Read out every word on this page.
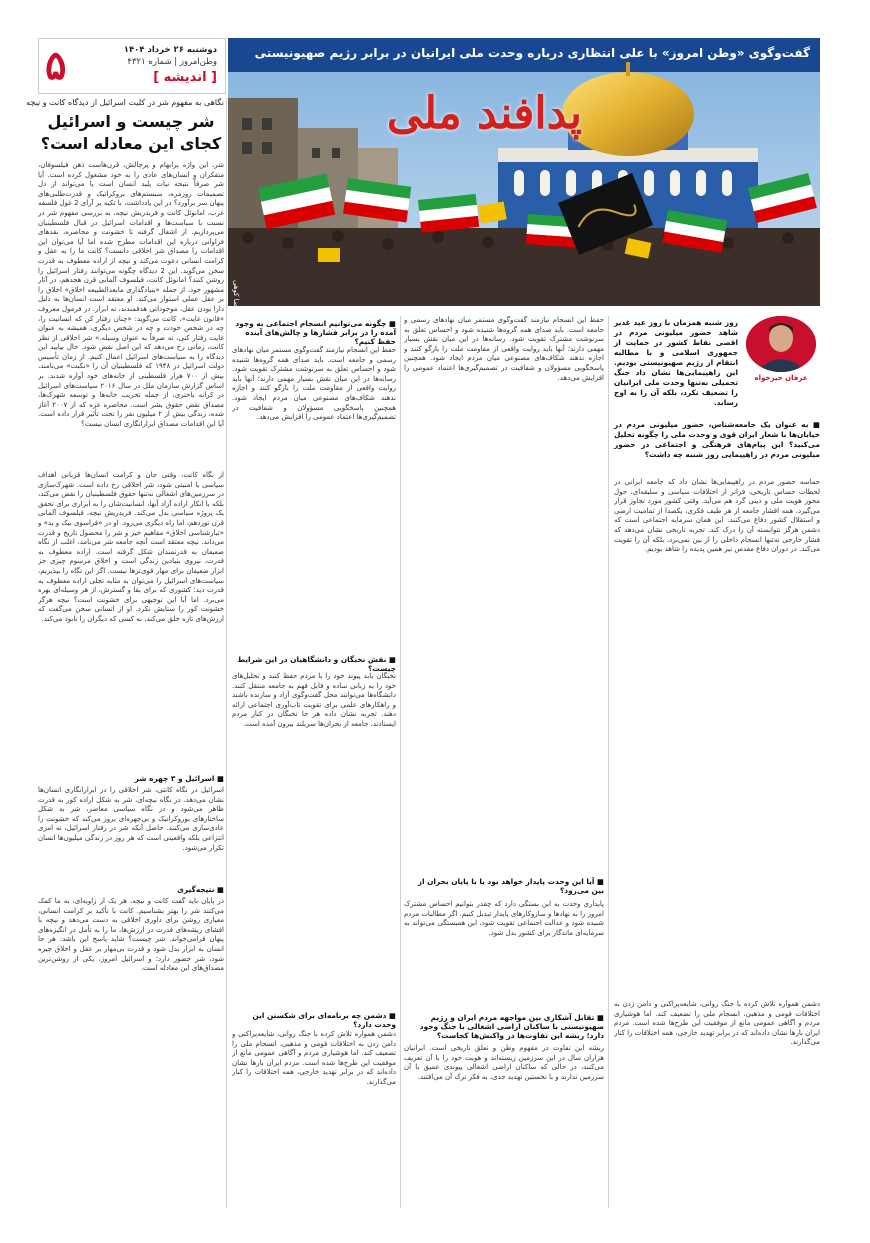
۵	دوشنبه ۲۶ خرداد ۱۴۰۴
وطن‌امروز | شماره ۴۳۲۱
[ اندیشه ]
گفت‌وگوی «وطن امروز» با علی انتظاری درباره وحدت ملی ایرانیان در برابر رژیم صهیونیستی
پدافند ملی
عکس: علیرضا کوهی
نگاهی به مفهوم شر در کلیت اسرائیل از دیدگاه کانت و نیچه
شر چیست و اسرائیل
کجای این معادله است؟
شر، این واژه پرابهام و پرچالش، قرن‌هاست ذهن فیلسوفان، متفکران و انسان‌های عادی را به خود مشغول کرده است. آیا شر صرفاً نتیجه نیات پلید انسان است یا می‌تواند از دل تصمیمات روزمره، سیستم‌های بروکراتیک و قدرت‌طلبی‌های پنهان سر برآورد؟ در این یادداشت، با تکیه بر آرای 2 غول فلسفه غرب، امانوئل کانت و فریدریش نیچه، به بررسی مفهوم شر در نسبت با سیاست‌ها و اقدامات اسرائیل در قبال فلسطینیان می‌پردازیم. از اشغال گرفته تا خشونت و محاصره، نقدهای فراوانی درباره این اقدامات مطرح شده اما آیا می‌توان این اقدامات را مصداق شر اخلاقی دانست؟ کانت ما را به عقل و کرامت انسانی دعوت می‌کند و نیچه از اراده معطوف به قدرت سخن می‌گوید. این 2 دیدگاه چگونه می‌توانند رفتار اسرائیل را روشن کنند؟ امانوئل کانت، فیلسوف آلمانی قرن هجدهم، در آثار مشهور خود، از جمله «بنیادگذاری مابعدالطبیعه اخلاق» اخلاق را بر عقل عملی استوار می‌کند. او معتقد است انسان‌ها به دلیل دارا بودن عقل، موجوداتی هدفمندند، نه ابزار. در فرمول معروف «قانون غایت»، کانت می‌گوید: «چنان رفتار کن که انسانیت را، چه در شخص خودت و چه در شخص دیگری، همیشه به عنوان غایت رفتار کنی، نه صرفاً به عنوان وسیله.» شر اخلاقی از نظر کانت، زمانی رخ می‌دهد که این اصل نقض شود. حال بیایید این دیدگاه را به سیاست‌های اسرائیل اعمال کنیم. از زمان تأسیس دولت اسرائیل در ۱۹۴۸ که فلسطینیان آن را «نکبت» می‌نامند، بیش از ۷۰۰ هزار فلسطینی از خانه‌های خود آواره شدند. بر اساس گزارش سازمان ملل در سال ۲۰۱۶ سیاست‌های اسرائیل در کرانه باختری، از جمله تخریب خانه‌ها و توسعه شهرک‌ها، مصداق نقض حقوق بشر است. محاصره غزه که از ۲۰۰۷ آغاز شده، زندگی بیش از ۲ میلیون نفر را تحت تأثیر قرار داده است. آیا این اقدامات مصداق ابزارانگاری انسان نیست؟
از نگاه کانت، وقتی جان و کرامت انسان‌ها قربانی اهداف سیاسی یا امنیتی شود، شر اخلاقی رخ داده است. شهرک‌سازی در سرزمین‌های اشغالی نه‌تنها حقوق فلسطینیان را نقض می‌کند، بلکه با انکار اراده آزاد آنها، انسانیت‌شان را به ابزاری برای تحقق یک پروژه سیاسی بدل می‌کند. فریدریش نیچه، فیلسوف آلمانی قرن نوزدهم، اما راه دیگری می‌رود. او در «فراسوی نیک و بد» و «تبارشناسی اخلاق» مفاهیم خیر و شر را محصول تاریخ و قدرت می‌داند. نیچه معتقد است آنچه جامعه شر می‌نامد، اغلب از نگاه ضعیفان به قدرتمندان شکل گرفته است. اراده معطوف به قدرت، نیروی بنیادین زندگی است و اخلاق مرسوم چیزی جز ابزار ضعیفان برای مهار قوی‌ترها نیست. اگر این نگاه را بپذیریم، سیاست‌های اسرائیل را می‌توان به مثابه تجلی اراده معطوف به قدرت دید؛ کشوری که برای بقا و گسترش، از هر وسیله‌ای بهره می‌برد. اما آیا این توجیهی برای خشونت است؟ نیچه هرگز خشونت کور را ستایش نکرد. او از انسانی سخن می‌گفت که ارزش‌های تازه خلق می‌کند، نه کسی که دیگران را نابود می‌کند.
■ اسرائیل و ۳ چهره شر
اسرائیل در نگاه کانتی، شر اخلاقی را در ابزارانگاری انسان‌ها نشان می‌دهد. در نگاه نیچه‌ای، شر به شکل اراده کور به قدرت ظاهر می‌شود و در نگاه سیاسی معاصر، شر به شکل ساختارهای بوروکراتیک و بی‌چهره‌ای بروز می‌کند که خشونت را عادی‌سازی می‌کنند. حاصل آنکه شر در رفتار اسرائیل، نه امری انتزاعی بلکه واقعیتی است که هر روز در زندگی میلیون‌ها انسان تکرار می‌شود.
■ نتیجه‌گیری
در پایان باید گفت کانت و نیچه، هر یک از زاویه‌ای، به ما کمک می‌کنند شر را بهتر بشناسیم. کانت با تأکید بر کرامت انسانی، معیاری روشن برای داوری اخلاقی به دست می‌دهد و نیچه با افشای ریشه‌های قدرت در ارزش‌ها، ما را به تأمل در انگیزه‌های پنهان فرامی‌خواند. شر چیست؟ شاید پاسخ این باشد: هر جا انسان به ابزار بدل شود و قدرت بی‌مهار بر عقل و اخلاق چیره شود، شر حضور دارد؛ و اسرائیل امروز، یکی از روشن‌ترین مصداق‌های این معادله است.
عرفان خیرخواه
روز شنبه همزمان با روز عید غدیر شاهد حضور میلیونی مردم در اقصی نقاط کشور در حمایت از جمهوری اسلامی و با مطالبه انتقام از رژیم صهیونیستی بودیم. این راهپیمایی‌ها نشان داد جنگ تحمیلی نه‌تنها وحدت ملی ایرانیان را تضعیف نکرد، بلکه آن را به اوج رساند.
■ به عنوان یک جامعه‌شناس، حضور میلیونی مردم در خیابان‌ها با شعار ایران قوی و وحدت ملی را چگونه تحلیل می‌کنید؟ این پیام‌های فرهنگی و اجتماعی در حضور میلیونی مردم در راهپیمایی روز شنبه چه داشت؟
حماسه حضور مردم در راهپیمایی‌ها نشان داد که جامعه ایرانی در لحظات حساس تاریخی، فراتر از اختلافات سیاسی و سلیقه‌ای، حول محور هویت ملی و دینی گرد هم می‌آید. وقتی کشور مورد تجاوز قرار می‌گیرد، همه اقشار جامعه از هر طیف فکری، یکصدا از تمامیت ارضی و استقلال کشور دفاع می‌کنند. این همان سرمایه اجتماعی است که دشمن هرگز نتوانسته آن را درک کند. تجربه تاریخی نشان می‌دهد که فشار خارجی نه‌تنها انسجام داخلی را از بین نمی‌برد، بلکه آن را تقویت می‌کند. در دوران دفاع مقدس نیز همین پدیده را شاهد بودیم.
دشمن همواره تلاش کرده با جنگ روانی، شایعه‌پراکنی و دامن زدن به اختلافات قومی و مذهبی، انسجام ملی را تضعیف کند. اما هوشیاری مردم و آگاهی عمومی مانع از موفقیت این طرح‌ها شده است. مردم ایران بارها نشان داده‌اند که در برابر تهدید خارجی، همه اختلافات را کنار می‌گذارند.
حفظ این انسجام نیازمند گفت‌وگوی مستمر میان نهادهای رسمی و جامعه است. باید صدای همه گروه‌ها شنیده شود و احساس تعلق به سرنوشت مشترک تقویت شود. رسانه‌ها در این میان نقش بسیار مهمی دارند؛ آنها باید روایت واقعی از مقاومت ملت را بازگو کنند و اجازه ندهند شکاف‌های مصنوعی میان مردم ایجاد شود. همچنین پاسخگویی مسؤولان و شفافیت در تصمیم‌گیری‌ها اعتماد عمومی را افزایش می‌دهد.
■ آیا این وحدت پایدار خواهد بود یا با پایان بحران از بین می‌رود؟
پایداری وحدت به این بستگی دارد که چقدر بتوانیم احساس مشترک امروز را به نهادها و سازوکارهای پایدار تبدیل کنیم. اگر مطالبات مردم شنیده شود و عدالت اجتماعی تقویت شود، این همبستگی می‌تواند به سرمایه‌ای ماندگار برای کشور بدل شود.
■ تقابل آشکاری بین مواجهه مردم ایران و رژیم صهیونیستی با ساکنان اراضی اشغالی با جنگ وجود دارد؛ ریشه این تفاوت‌ها در واکنش‌ها کجاست؟
ریشه این تفاوت در مفهوم وطن و تعلق تاریخی است. ایرانیان هزاران سال در این سرزمین زیسته‌اند و هویت خود را با آن تعریف می‌کنند، در حالی که ساکنان اراضی اشغالی پیوندی عمیق با آن سرزمین ندارند و با نخستین تهدید جدی، به فکر ترک آن می‌افتند.
■ چگونه می‌توانیم انسجام اجتماعی به وجود آمده را در برابر فشارها و چالش‌های آینده حفظ کنیم؟
حفظ این انسجام نیازمند گفت‌وگوی مستمر میان نهادهای رسمی و جامعه است. باید صدای همه گروه‌ها شنیده شود و احساس تعلق به سرنوشت مشترک تقویت شود. رسانه‌ها در این میان نقش بسیار مهمی دارند؛ آنها باید روایت واقعی از مقاومت ملت را بازگو کنند و اجازه ندهند شکاف‌های مصنوعی میان مردم ایجاد شود. همچنین پاسخگویی مسؤولان و شفافیت در تصمیم‌گیری‌ها اعتماد عمومی را افزایش می‌دهد.
■ نقش نخبگان و دانشگاهیان در این شرایط چیست؟
نخبگان باید پیوند خود را با مردم حفظ کنند و تحلیل‌های خود را به زبانی ساده و قابل فهم به جامعه منتقل کنند. دانشگاه‌ها می‌توانند محل گفت‌وگوی آزاد و سازنده باشند و راهکارهای علمی برای تقویت تاب‌آوری اجتماعی ارائه دهند. تجربه نشان داده هر جا نخبگان در کنار مردم ایستادند، جامعه از بحران‌ها سربلند بیرون آمده است.
■ دشمن چه برنامه‌ای برای شکستن این وحدت دارد؟
دشمن همواره تلاش کرده با جنگ روانی، شایعه‌پراکنی و دامن زدن به اختلافات قومی و مذهبی، انسجام ملی را تضعیف کند. اما هوشیاری مردم و آگاهی عمومی مانع از موفقیت این طرح‌ها شده است. مردم ایران بارها نشان داده‌اند که در برابر تهدید خارجی، همه اختلافات را کنار می‌گذارند.
